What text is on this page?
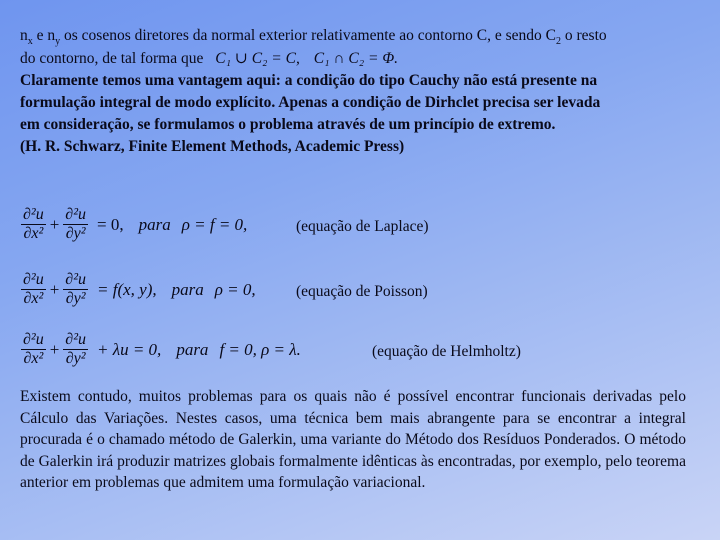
$n_x$ e $n_y$ os cosenos diretores da normal exterior relativamente ao contorno C, e sendo $C_2$ o resto
do contorno, de tal forma que C₁ ∪ C₂ = C, C₁ ∩ C₂ = Φ.
Claramente temos uma vantagem aqui: a condição do tipo Cauchy não está presente na
formulação integral de modo explícito. Apenas a condição de Dirhclet precisa ser levada
em consideração, se formulamos o problema através de um princípio de extremo.
(H. R. Schwarz, Finite Element Methods, Academic Press)
$\frac{\text{∂²u}}{\text{∂x²}} + \frac{\text{∂²u}}{\text{∂y²}} = 0$, para ρ = f = 0,	(equação de Laplace)
$\frac{\text{∂²u}}{\text{∂x²}} + \frac{\text{∂²u}}{\text{∂y²}} = f(x$, y), para ρ = 0,	(equação de Poisson)
$\frac{\text{∂²u}}{\text{∂x²}} + \frac{\text{∂²u}}{\text{∂y²}} + \lambda u = 0$, para f = 0, ρ = λ.	(equação de Helmholtz)
Existem contudo, muitos problemas para os quais não é possível encontrar funcionais derivadas pelo Cálculo das Variações. Nestes casos, uma técnica bem mais abrangente para se encontrar a integral procurada é o chamado método de Galerkin, uma variante do Método dos Resíduos Ponderados. O método de Galerkin irá produzir matrizes globais formalmente idênticas às encontradas, por exemplo, pelo teorema anterior em problemas que admitem uma formulação variacional.
